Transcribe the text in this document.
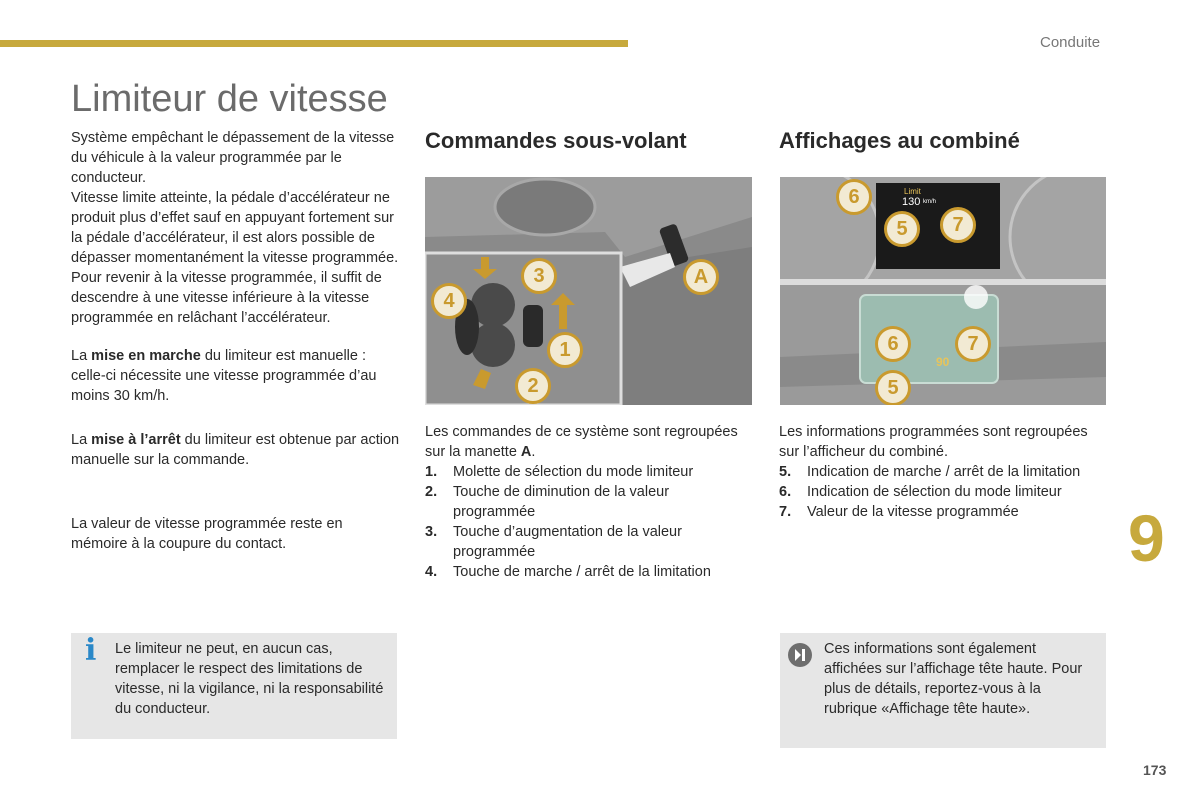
Conduite
Limiteur de vitesse

Système empêchant le dépassement de la vitesse du véhicule à la valeur programmée par le conducteur.

Vitesse limite atteinte, la pédale d’accélérateur ne produit plus d’effet sauf en appuyant fortement sur la pédale d’accélérateur, il est alors possible de dépasser momentanément la vitesse programmée.

Pour revenir à la vitesse programmée, il suffit de descendre à une vitesse inférieure à la vitesse programmée en relâchant l’accélérateur.

La mise en marche du limiteur est manuelle : celle-ci nécessite une vitesse programmée d’au moins 30 km/h.

La mise à l’arrêt du limiteur est obtenue par action manuelle sur la commande.

La valeur de vitesse programmée reste en mémoire à la coupure du contact.

i Le limiteur ne peut, en aucun cas, remplacer le respect des limitations de vitesse, ni la vigilance, ni la responsabilité du conducteur.
Commandes sous-volant
3
4
1
2
A

Les commandes de ce système sont regroupées sur la manette A.

1.	Molette de sélection du mode limiteur
2.	Touche de diminution de la valeur programmée
3.	Touche d’augmentation de la valeur programmée
4.	Touche de marche / arrêt de la limitation
Affichages au combiné
Limit
130 km/h
90
6
5	7
6	7
5

Les informations programmées sont regroupées sur l’afficheur du combiné.

5.	Indication de marche / arrêt de la limitation
6.	Indication de sélection du mode limiteur
7.	Valeur de la vitesse programmée
Ces informations sont également affichées sur l’affichage tête haute. Pour plus de détails, reportez-vous à la rubrique «Affichage tête haute».
9
173
